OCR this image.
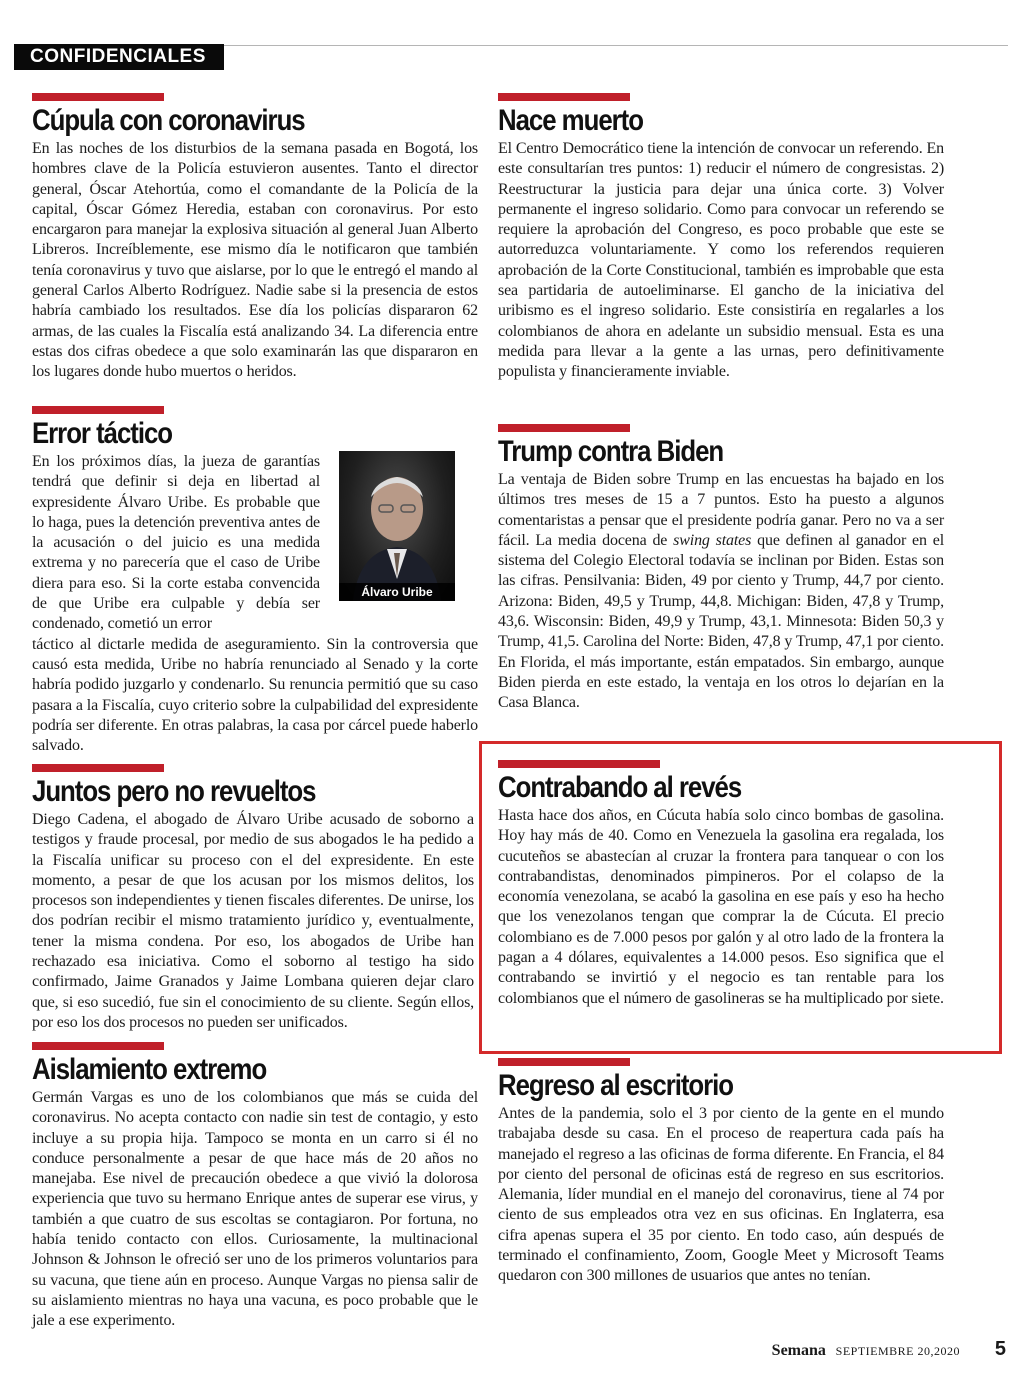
CONFIDENCIALES
Cúpula con coronavirus

En las noches de los disturbios de la semana pasada en Bogotá, los hombres clave de la Policía estuvieron ausentes. Tanto el director general, Óscar Atehortúa, como el comandante de la Policía de la capital, Óscar Gómez Heredia, estaban con coronavirus. Por esto encargaron para manejar la explosiva situación al general Juan Alberto Libreros. Increíblemente, ese mismo día le notificaron que también tenía coronavirus y tuvo que aislarse, por lo que le entregó el mando al general Carlos Alberto Rodríguez. Nadie sabe si la presencia de estos habría cambiado los resultados. Ese día los policías dispararon 62 armas, de las cuales la Fiscalía está analizando 34. La diferencia entre estas dos cifras obedece a que solo examinarán las que dispararon en los lugares donde hubo muertos o heridos.

Error táctico

En los próximos días, la jueza de garantías tendrá que definir si deja en libertad al expresidente Álvaro Uribe. Es probable que lo haga, pues la detención preventiva antes de la acusación o del juicio es una medida extrema y no parecería que el caso de Uribe diera para eso. Si la corte estaba convencida de que Uribe era culpable y debía ser condenado, cometió un error

táctico al dictarle medida de aseguramiento. Sin la controversia que causó esta medida, Uribe no habría renunciado al Senado y la corte habría podido juzgarlo y condenarlo. Su renuncia permitió que su caso pasara a la Fiscalía, cuyo criterio sobre la culpabilidad del expresidente podría ser diferente. En otras palabras, la casa por cárcel puede haberlo salvado.

Álvaro Uribe
Juntos pero no revueltos

Diego Cadena, el abogado de Álvaro Uribe acusado de soborno a testigos y fraude procesal, por medio de sus abogados le ha pedido a la Fiscalía unificar su proceso con el del expresidente. En este momento, a pesar de que los acusan por los mismos delitos, los procesos son independientes y tienen fiscales diferentes. De unirse, los dos podrían recibir el mismo tratamiento jurídico y, eventualmente, tener la misma condena. Por eso, los abogados de Uribe han rechazado esa iniciativa. Como el soborno al testigo ha sido confirmado, Jaime Granados y Jaime Lombana quieren dejar claro que, si eso sucedió, fue sin el conocimiento de su cliente. Según ellos, por eso los dos procesos no pueden ser unificados.

Aislamiento extremo

Germán Vargas es uno de los colombianos que más se cuida del coronavirus. No acepta contacto con nadie sin test de contagio, y esto incluye a su propia hija. Tampoco se monta en un carro si él no conduce personalmente a pesar de que hace más de 20 años no manejaba. Ese nivel de precaución obedece a que vivió la dolorosa experiencia que tuvo su hermano Enrique antes de superar ese virus, y también a que cuatro de sus escoltas se contagiaron. Por fortuna, no había tenido contacto con ellos. Curiosamente, la multinacional Johnson & Johnson le ofreció ser uno de los primeros voluntarios para su vacuna, que tiene aún en proceso. Aunque Vargas no piensa salir de su aislamiento mientras no haya una vacuna, es poco probable que le jale a ese experimento.

Nace muerto

El Centro Democrático tiene la intención de convocar un referendo. En este consultarían tres puntos: 1) reducir el número de congresistas. 2) Reestructurar la justicia para dejar una única corte. 3) Volver permanente el ingreso solidario. Como para convocar un referendo se requiere la aprobación del Congreso, es poco probable que este se autorreduzca voluntariamente. Y como los referendos requieren aprobación de la Corte Constitucional, también es improbable que esta sea partidaria de autoeliminarse. El gancho de la iniciativa del uribismo es el ingreso solidario. Este consistiría en regalarles a los colombianos de ahora en adelante un subsidio mensual. Esta es una medida para llevar a la gente a las urnas, pero definitivamente populista y financieramente inviable.

Trump contra Biden

La ventaja de Biden sobre Trump en las encuestas ha bajado en los últimos tres meses de 15 a 7 puntos. Esto ha puesto a algunos comentaristas a pensar que el presidente podría ganar. Pero no va a ser fácil. La media docena de swing states que definen al ganador en el sistema del Colegio Electoral todavía se inclinan por Biden. Estas son las cifras. Pensilvania: Biden, 49 por ciento y Trump, 44,7 por ciento. Arizona: Biden, 49,5 y Trump, 44,8. Michigan: Biden, 47,8 y Trump, 43,6. Wisconsin: Biden, 49,9 y Trump, 43,1. Minnesota: Biden 50,3 y Trump, 41,5. Carolina del Norte: Biden, 47,8 y Trump, 47,1 por ciento. En Florida, el más importante, están empatados. Sin embargo, aunque Biden pierda en este estado, la ventaja en los otros lo dejarían en la Casa Blanca.

Contrabando al revés

Hasta hace dos años, en Cúcuta había solo cinco bombas de gasolina. Hoy hay más de 40. Como en Venezuela la gasolina era regalada, los cucuteños se abastecían al cruzar la frontera para tanquear o con los contrabandistas, denominados pimpineros. Por el colapso de la economía venezolana, se acabó la gasolina en ese país y eso ha hecho que los venezolanos tengan que comprar la de Cúcuta. El precio colombiano es de 7.000 pesos por galón y al otro lado de la frontera la pagan a 4 dólares, equivalentes a 14.000 pesos. Eso significa que el contrabando se invirtió y el negocio es tan rentable para los colombianos que el número de gasolineras se ha multiplicado por siete.

Regreso al escritorio

Antes de la pandemia, solo el 3 por ciento de la gente en el mundo trabajaba desde su casa. En el proceso de reapertura cada país ha manejado el regreso a las oficinas de forma diferente. En Francia, el 84 por ciento del personal de oficinas está de regreso en sus escritorios. Alemania, líder mundial en el manejo del coronavirus, tiene al 74 por ciento de sus empleados otra vez en sus oficinas. En Inglaterra, esa cifra apenas supera el 35 por ciento. En todo caso, aún después de terminado el confinamiento, Zoom, Google Meet y Microsoft Teams quedaron con 300 millones de usuarios que antes no tenían.

Semana SEPTIEMBRE 20,2020 5
